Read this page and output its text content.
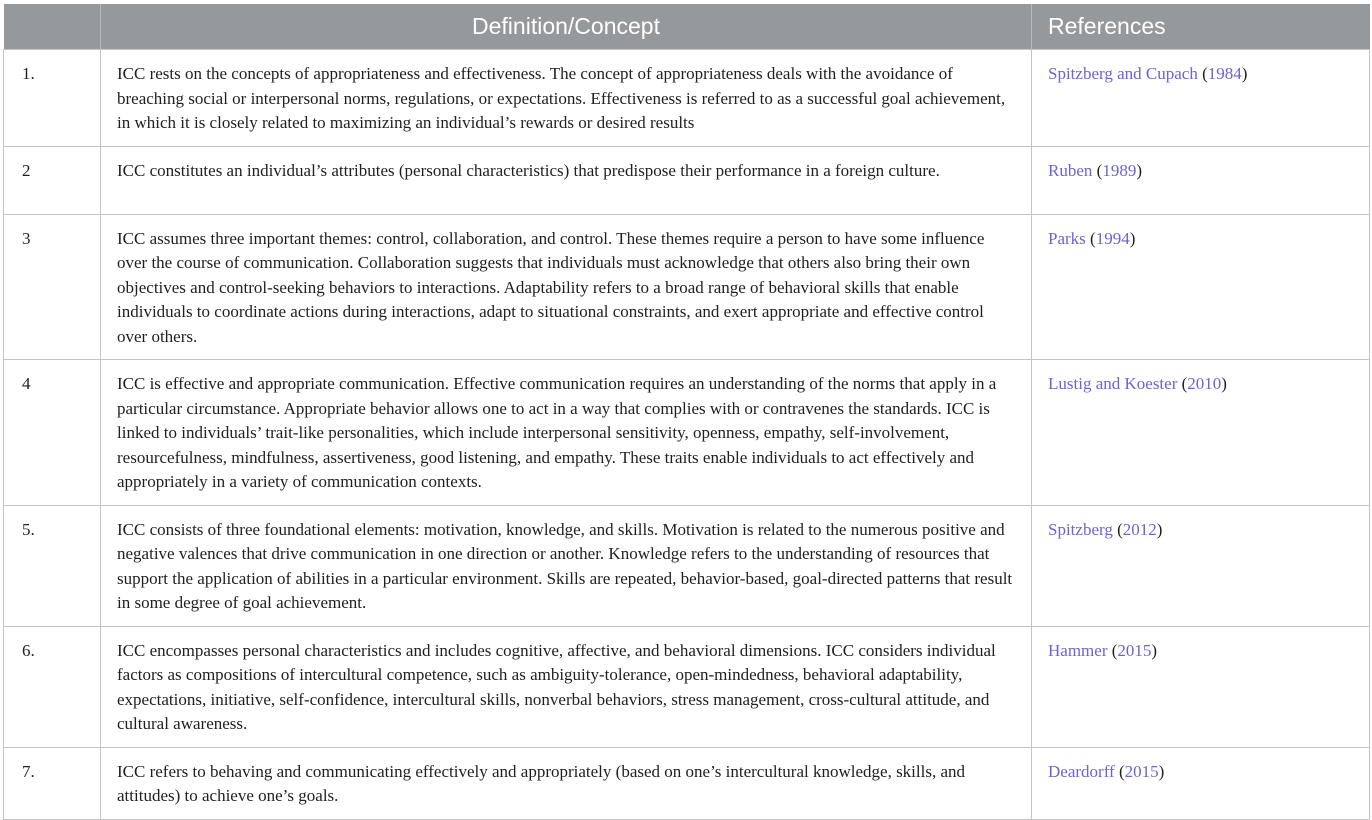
	Definition/Concept	References
1.	ICC rests on the concepts of appropriateness and effectiveness. The concept of appropriateness deals with the avoidance of breaching social or interpersonal norms, regulations, or expectations. Effectiveness is referred to as a successful goal achievement, in which it is closely related to maximizing an individual’s rewards or desired results	Spitzberg and Cupach (1984)
2	ICC constitutes an individual’s attributes (personal characteristics) that predispose their performance in a foreign culture.	Ruben (1989)
3	ICC assumes three important themes: control, collaboration, and control. These themes require a person to have some influence over the course of communication. Collaboration suggests that individuals must acknowledge that others also bring their own objectives and control-seeking behaviors to interactions. Adaptability refers to a broad range of behavioral skills that enable individuals to coordinate actions during interactions, adapt to situational constraints, and exert appropriate and effective control over others.	Parks (1994)
4	ICC is effective and appropriate communication. Effective communication requires an understanding of the norms that apply in a particular circumstance. Appropriate behavior allows one to act in a way that complies with or contravenes the standards. ICC is linked to individuals’ trait-like personalities, which include interpersonal sensitivity, openness, empathy, self-involvement, resourcefulness, mindfulness, assertiveness, good listening, and empathy. These traits enable individuals to act effectively and appropriately in a variety of communication contexts.	Lustig and Koester (2010)
5.	ICC consists of three foundational elements: motivation, knowledge, and skills. Motivation is related to the numerous positive and negative valences that drive communication in one direction or another. Knowledge refers to the understanding of resources that support the application of abilities in a particular environment. Skills are repeated, behavior-based, goal-directed patterns that result in some degree of goal achievement.	Spitzberg (2012)
6.	ICC encompasses personal characteristics and includes cognitive, affective, and behavioral dimensions. ICC considers individual factors as compositions of intercultural competence, such as ambiguity-tolerance, open-mindedness, behavioral adaptability, expectations, initiative, self-confidence, intercultural skills, nonverbal behaviors, stress management, cross-cultural attitude, and cultural awareness.	Hammer (2015)
7.	ICC refers to behaving and communicating effectively and appropriately (based on one’s intercultural knowledge, skills, and attitudes) to achieve one’s goals.	Deardorff (2015)
